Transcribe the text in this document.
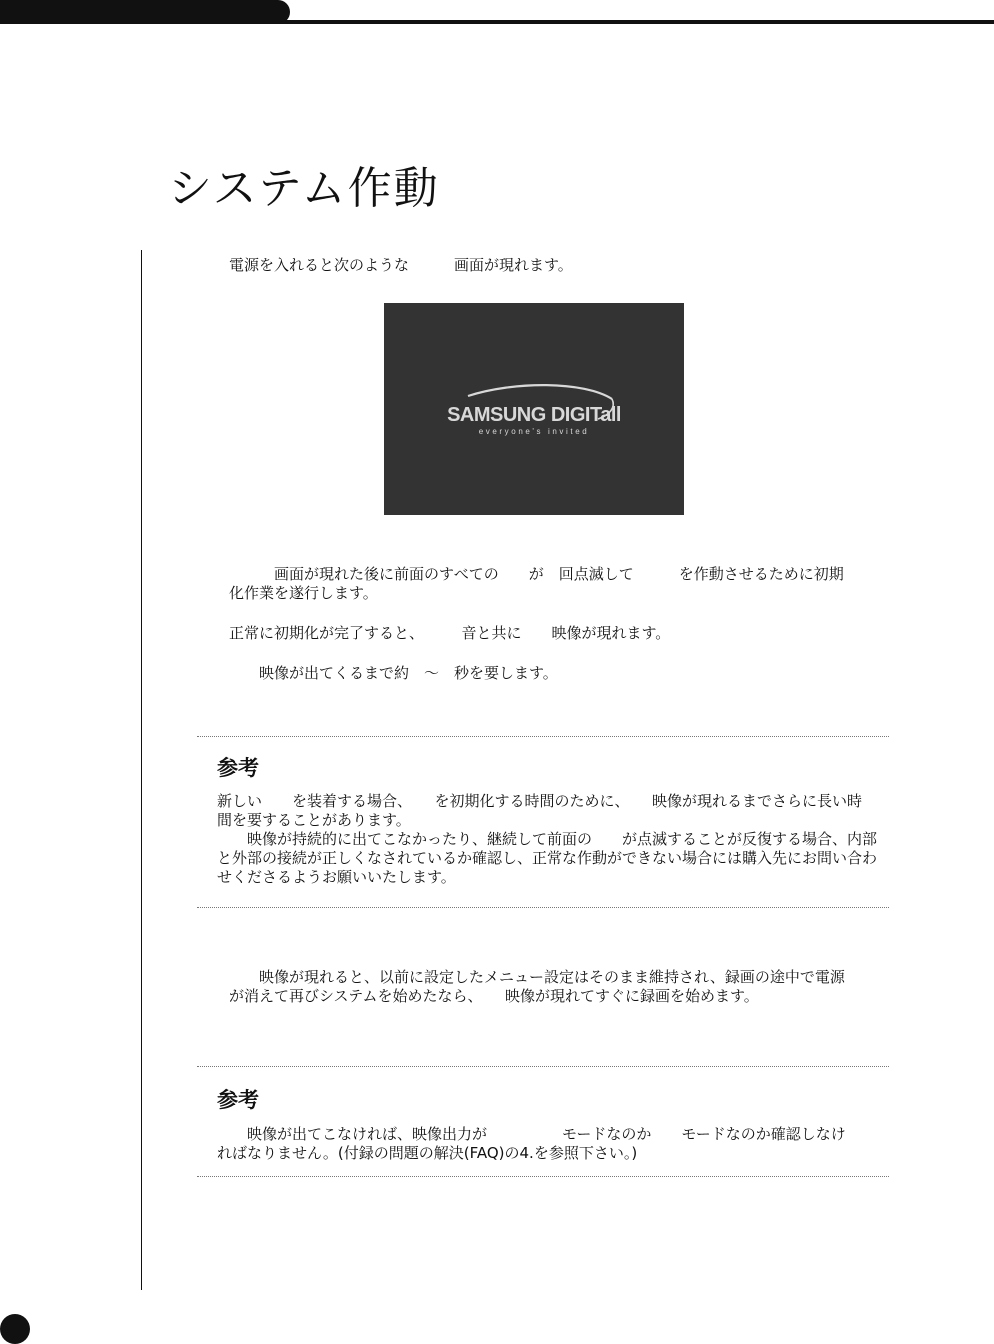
システム作動

電源を入れると次のような　　　画面が現れます。

SAMSUNG DIGITall
everyone's invited

　　　画面が現れた後に前面のすべての　　が　回点滅して　　　を作動させるために初期
化作業を遂行します。

正常に初期化が完了すると、　　　音と共に　　映像が現れます。

　　映像が出てくるまで約　～　秒を要します。

参考

新しい　　を装着する場合、　　を初期化する時間のために、　　映像が現れるまでさらに長い時
間を要することがあります。
　　映像が持続的に出てこなかったり、継続して前面の　　が点滅することが反復する場合、内部
と外部の接続が正しくなされているか確認し、正常な作動ができない場合には購入先にお問い合わ
せくださるようお願いいたします。

　　映像が現れると、以前に設定したメニュー設定はそのまま維持され、録画の途中で電源
が消えて再びシステムを始めたなら、　　映像が現れてすぐに録画を始めます。

参考

　　映像が出てこなければ、映像出力が　　　　　モードなのか　　モードなのか確認しなけ
ればなりません。(付録の問題の解決(FAQ)の4.を参照下さい。)
